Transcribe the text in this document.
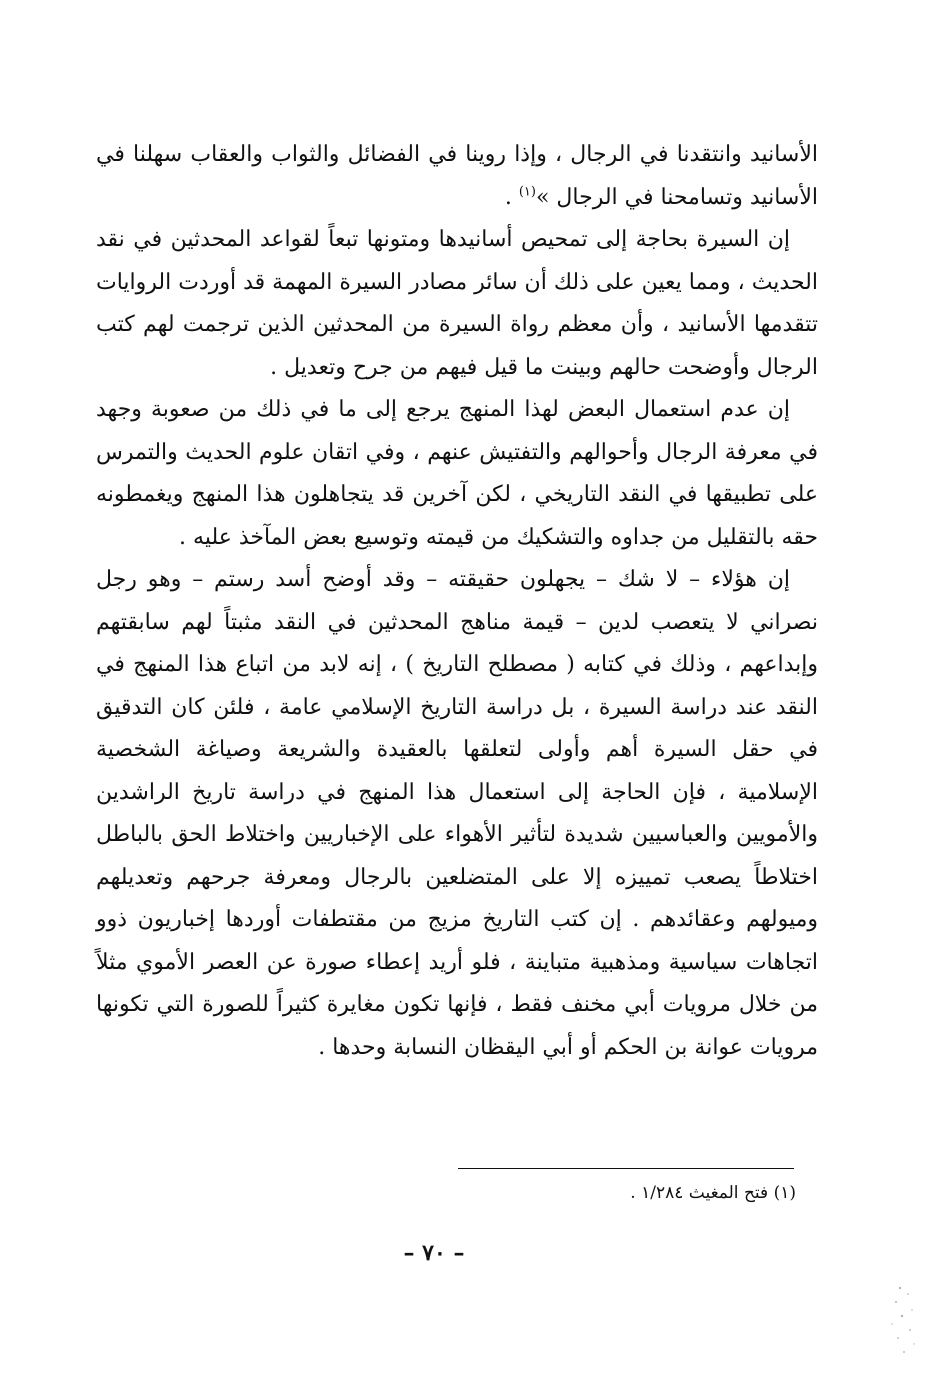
الأسانيد وانتقدنا في الرجال ، وإذا روينا في الفضائل والثواب والعقاب سهلنا في الأسانيد وتسامحنا في الرجال »$^{(١)}$ .

إن السيرة بحاجة إلى تمحيص أسانيدها ومتونها تبعاً لقواعد المحدثين في نقد الحديث ، ومما يعين على ذلك أن سائر مصادر السيرة المهمة قد أوردت الروايات تتقدمها الأسانيد ، وأن معظم رواة السيرة من المحدثين الذين ترجمت لهم كتب الرجال وأوضحت حالهم وبينت ما قيل فيهم من جرح وتعديل .

إن عدم استعمال البعض لهذا المنهج يرجع إلى ما في ذلك من صعوبة وجهد في معرفة الرجال وأحوالهم والتفتيش عنهم ، وفي اتقان علوم الحديث والتمرس على تطبيقها في النقد التاريخي ، لكن آخرين قد يتجاهلون هذا المنهج ويغمطونه حقه بالتقليل من جداوه والتشكيك من قيمته وتوسيع بعض المآخذ عليه .

إن هؤلاء – لا شك – يجهلون حقيقته – وقد أوضح أسد رستم – وهو رجل نصراني لا يتعصب لدين – قيمة مناهج المحدثين في النقد مثبتاً لهم سابقتهم وإبداعهم ، وذلك في كتابه ( مصطلح التاريخ ) ، إنه لابد من اتباع هذا المنهج في النقد عند دراسة السيرة ، بل دراسة التاريخ الإسلامي عامة ، فلئن كان التدقيق في حقل السيرة أهم وأولى لتعلقها بالعقيدة والشريعة وصياغة الشخصية الإسلامية ، فإن الحاجة إلى استعمال هذا المنهج في دراسة تاريخ الراشدين والأمويين والعباسيين شديدة لتأثير الأهواء على الإخباريين واختلاط الحق بالباطل اختلاطاً يصعب تمييزه إلا على المتضلعين بالرجال ومعرفة جرحهم وتعديلهم وميولهم وعقائدهم . إن كتب التاريخ مزيج من مقتطفات أوردها إخباريون ذوو اتجاهات سياسية ومذهبية متباينة ، فلو أريد إعطاء صورة عن العصر الأموي مثلاً من خلال مرويات أبي مخنف فقط ، فإنها تكون مغايرة كثيراً للصورة التي تكونها مرويات عوانة بن الحكم أو أبي اليقظان النسابة وحدها .

(١) فتح المغيث ١/٢٨٤ .
– ٧٠ –
